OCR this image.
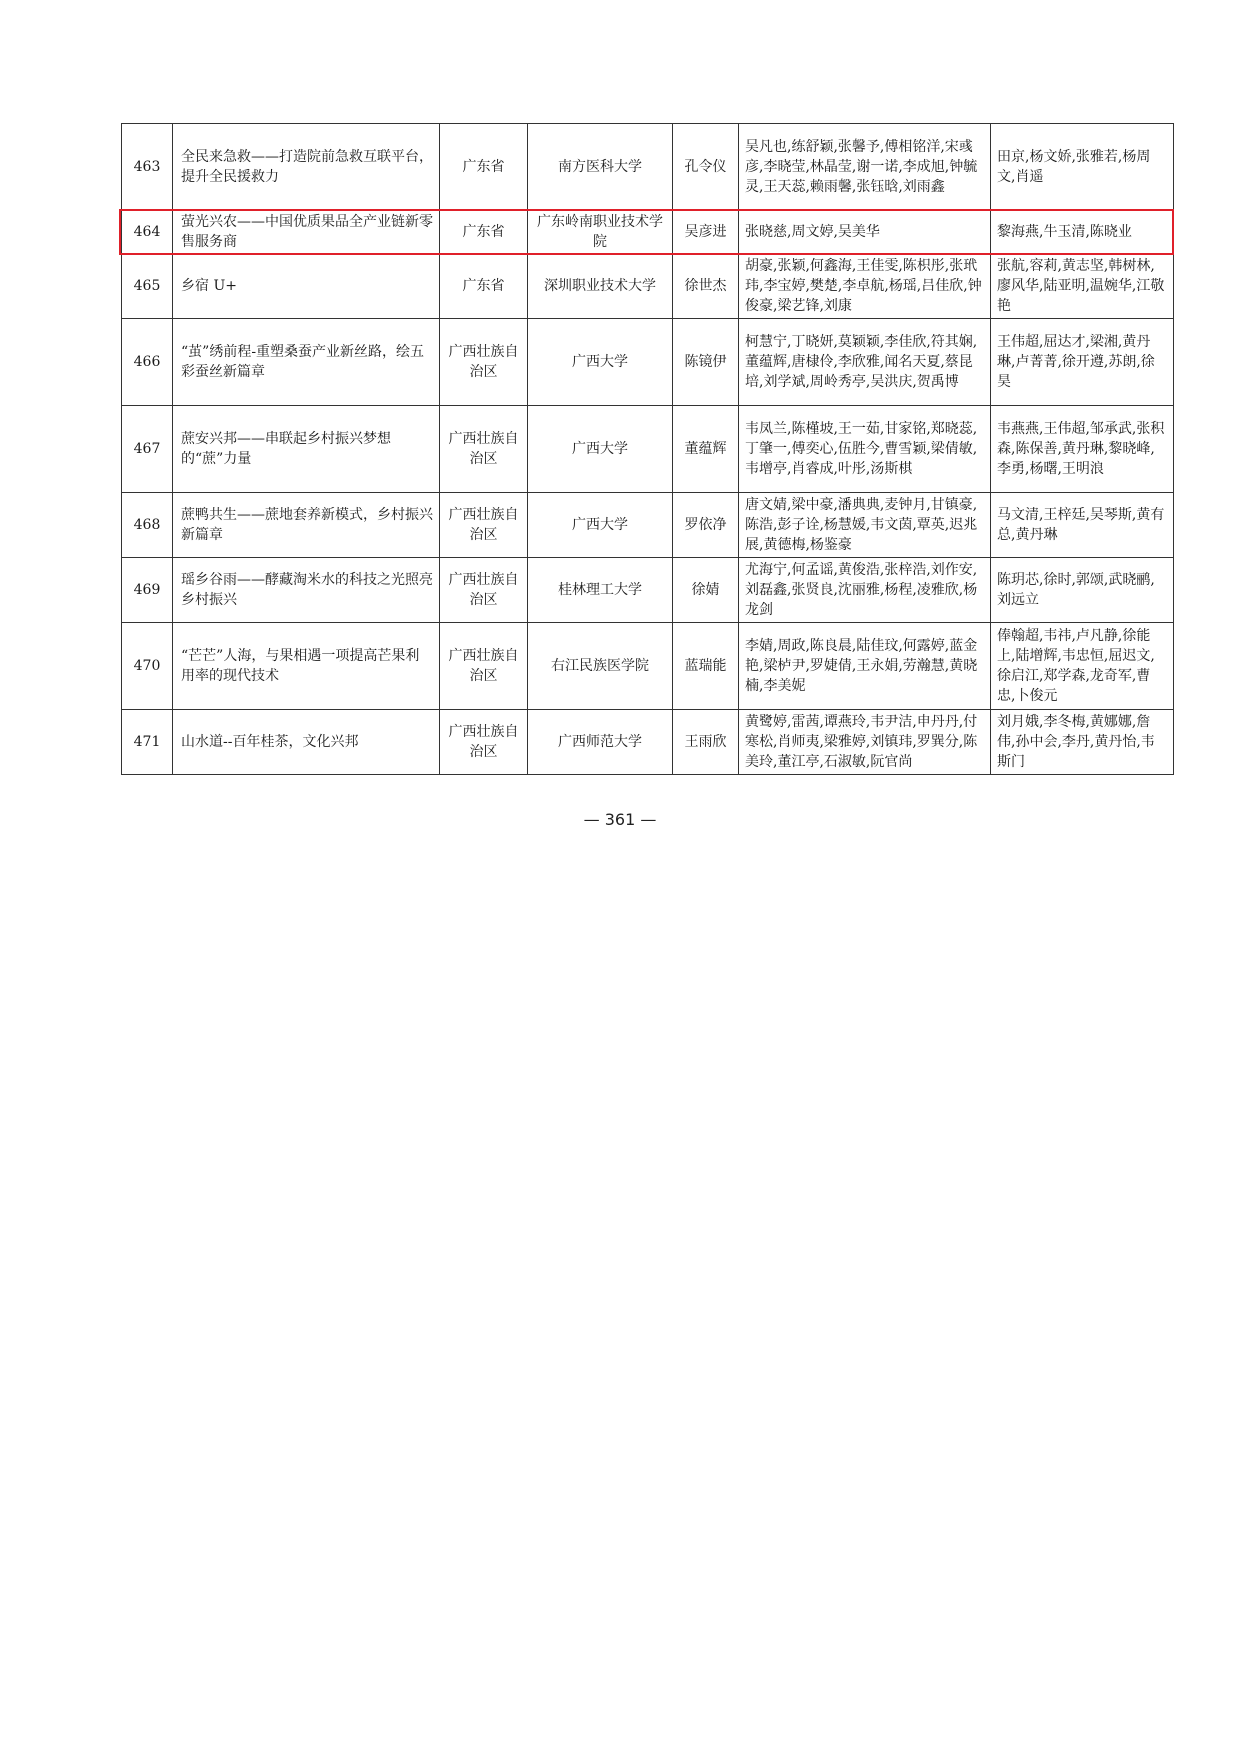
463	全民来急救——打造院前急救互联平台，提升全民援救力	广东省	南方医科大学	孔令仪	吴凡也,练舒颖,张馨予,傅相铭洋,宋彧彦,李晓莹,林晶莹,谢一诺,李成旭,钟毓灵,王天蕊,赖雨馨,张钰晗,刘雨鑫	田京,杨文娇,张雅若,杨周文,肖遥
464	萤光兴农——中国优质果品全产业链新零售服务商	广东省	广东岭南职业技术学院	吴彦进	张晓慈,周文婷,吴美华	黎海燕,牛玉清,陈晓业
465	乡宿 U+	广东省	深圳职业技术大学	徐世杰	胡豪,张颖,何鑫海,王佳雯,陈枳彤,张玳玮,李宝婷,樊楚,李卓航,杨瑶,吕佳欣,钟俊豪,梁艺锋,刘康	张航,容莉,黄志坚,韩树林,廖风华,陆亚明,温婉华,江敬艳
466	“茧”绣前程-重塑桑蚕产业新丝路，绘五彩蚕丝新篇章	广西壮族自治区	广西大学	陈镜伊	柯慧宁,丁晓妍,莫颖颖,李佳欣,符其娴,董蕴辉,唐棣伶,李欣雅,闻名天夏,蔡昆培,刘学斌,周岭秀亭,吴洪庆,贺禹博	王伟超,屈达才,梁湘,黄丹琳,卢菁菁,徐开遵,苏朗,徐昊
467	蔗安兴邦——串联起乡村振兴梦想的“蔗”力量	广西壮族自治区	广西大学	董蕴辉	韦凤兰,陈槿坡,王一茹,甘家铭,郑晓蕊,丁肇一,傅奕心,伍胜今,曹雪颖,梁倩敏,韦增亭,肖睿成,叶彤,汤斯棋	韦燕燕,王伟超,邹承武,张积森,陈保善,黄丹琳,黎晓峰,李勇,杨曙,王明浪
468	蔗鸭共生——蔗地套养新模式，乡村振兴新篇章	广西壮族自治区	广西大学	罗依净	唐文婧,梁中豪,潘典典,麦钟月,甘镇豪,陈浩,彭子诠,杨慧媛,韦文茵,覃英,迟兆展,黄德梅,杨鉴豪	马文清,王梓廷,吴琴斯,黄有总,黄丹琳
469	瑶乡谷雨——酵藏淘米水的科技之光照亮乡村振兴	广西壮族自治区	桂林理工大学	徐婧	尤海宁,何孟谣,黄俊浩,张梓浩,刘作安,刘磊鑫,张贤良,沈丽雅,杨程,凌雅欣,杨龙剑	陈玥芯,徐时,郭颂,武晓鹂,刘远立
470	“芒芒”人海，与果相遇一项提高芒果利用率的现代技术	广西壮族自治区	右江民族医学院	蓝瑞能	李婧,周政,陈良晨,陆佳玟,何露婷,蓝金艳,梁栌尹,罗婕倩,王永娟,劳瀚慧,黄晓楠,李美妮	俸翰超,韦祎,卢凡静,徐能上,陆增辉,韦忠恒,屈迟文,徐启江,郑学森,龙奇军,曹忠,卜俊元
471	山水道--百年桂茶，文化兴邦	广西壮族自治区	广西师范大学	王雨欣	黄鹭婷,雷茜,谭燕玲,韦尹洁,申丹丹,付寒松,肖师夷,梁雅婷,刘镇玮,罗巽分,陈美玲,董江亭,石淑敏,阮官尚	刘月娥,李冬梅,黄娜娜,詹伟,孙中会,李丹,黄丹怡,韦斯门
— 361 —
